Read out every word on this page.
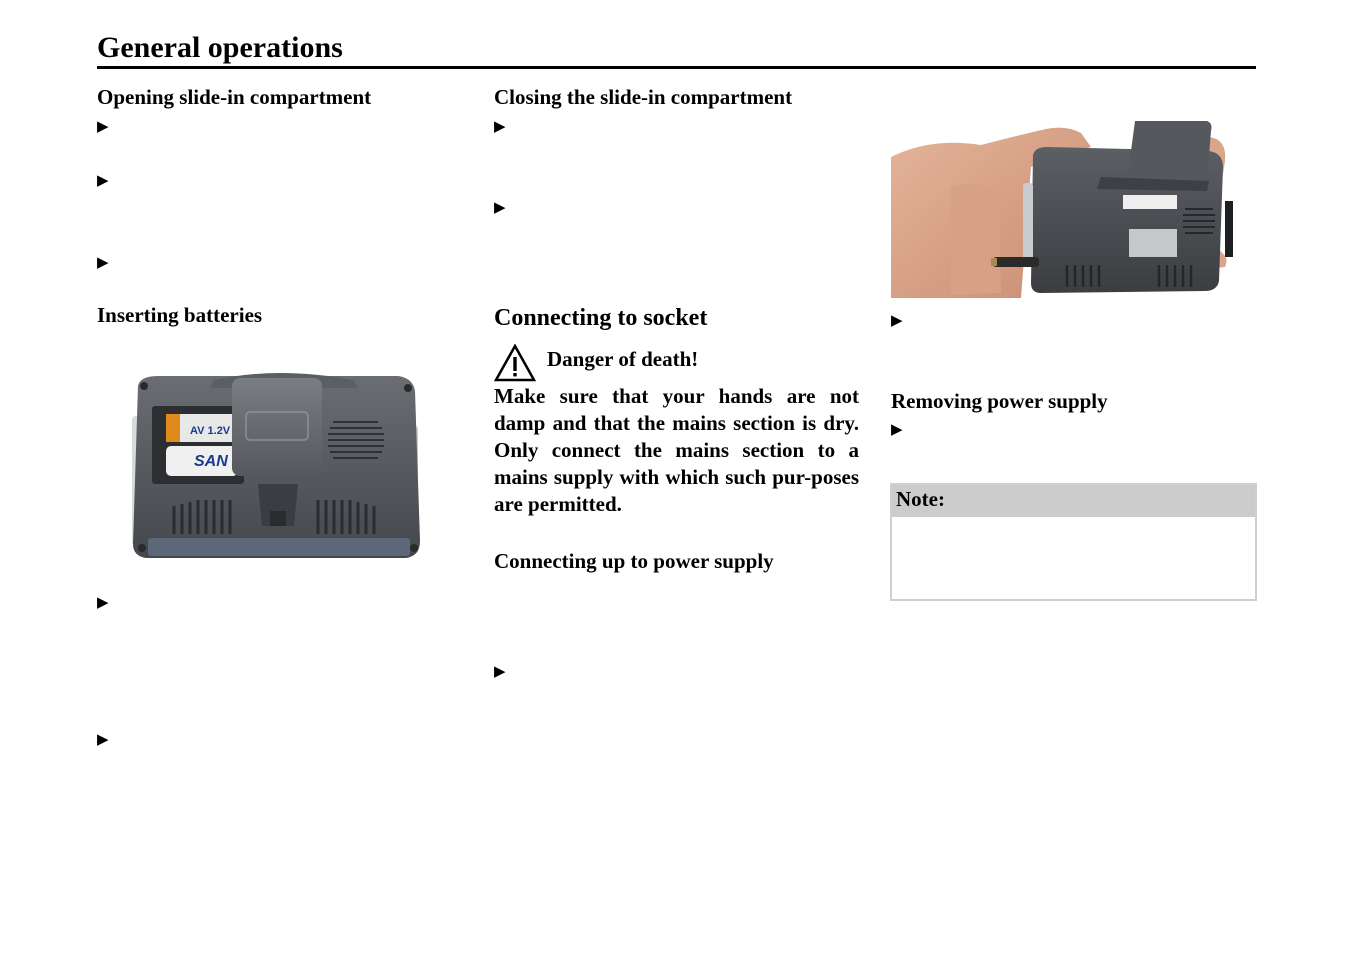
General operations
Opening slide-in compartment
▶
▶
▶
Inserting batteries
AV 1.2V
SAN
▶
▶
Closing the slide-in compartment
▶
▶
Connecting to socket
Danger of death!
Make sure that your hands are not damp and that the mains section is dry. Only connect the mains section to a mains supply with which such pur-poses are permitted.
Connecting up to power supply
▶
▶
Removing power supply
▶
Note:
